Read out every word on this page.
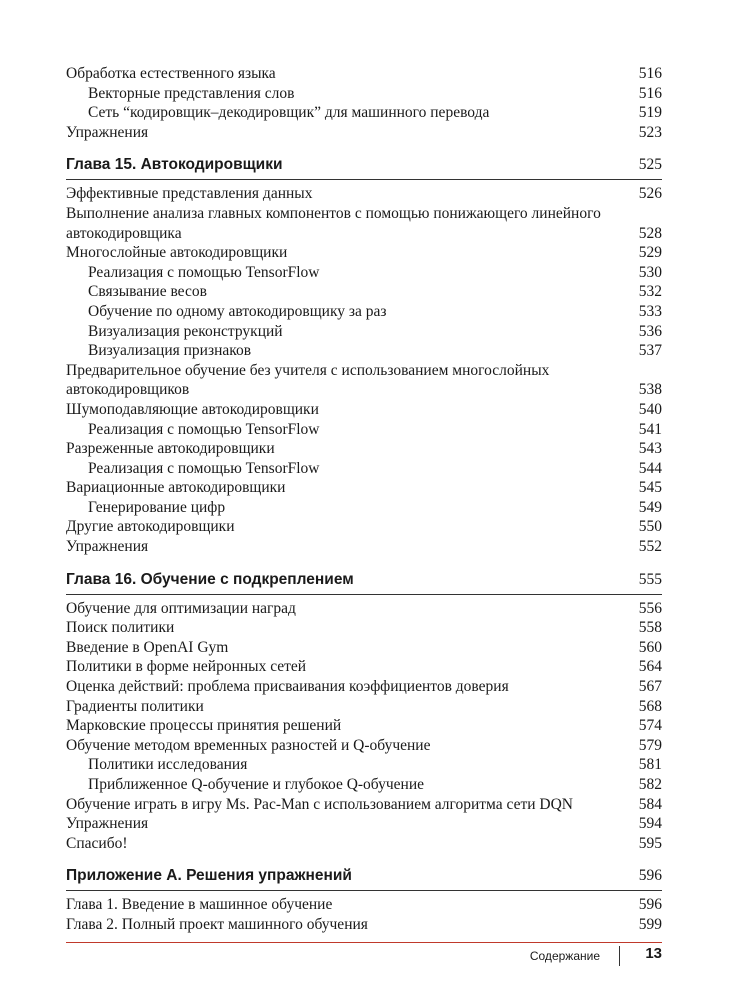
Обработка естественного языка	516
Векторные представления слов	516
Сеть “кодировщик–декодировщик” для машинного перевода	519
Упражнения	523
Глава 15. Автокодировщики	525
Эффективные представления данных	526
Выполнение анализа главных компонентов с помощью понижающего линейного автокодировщика	528
Многослойные автокодировщики	529
Реализация с помощью TensorFlow	530
Связывание весов	532
Обучение по одному автокодировщику за раз	533
Визуализация реконструкций	536
Визуализация признаков	537
Предварительное обучение без учителя с использованием многослойных автокодировщиков	538
Шумоподавляющие автокодировщики	540
Реализация с помощью TensorFlow	541
Разреженные автокодировщики	543
Реализация с помощью TensorFlow	544
Вариационные автокодировщики	545
Генерирование цифр	549
Другие автокодировщики	550
Упражнения	552
Глава 16. Обучение с подкреплением	555
Обучение для оптимизации наград	556
Поиск политики	558
Введение в OpenAI Gym	560
Политики в форме нейронных сетей	564
Оценка действий: проблема присваивания коэффициентов доверия	567
Градиенты политики	568
Марковские процессы принятия решений	574
Обучение методом временных разностей и Q-обучение	579
Политики исследования	581
Приближенное Q-обучение и глубокое Q-обучение	582
Обучение играть в игру Ms. Pac-Man с использованием алгоритма сети DQN	584
Упражнения	594
Спасибо!	595
Приложение А. Решения упражнений	596
Глава 1. Введение в машинное обучение	596
Глава 2. Полный проект машинного обучения	599
Содержание	13
